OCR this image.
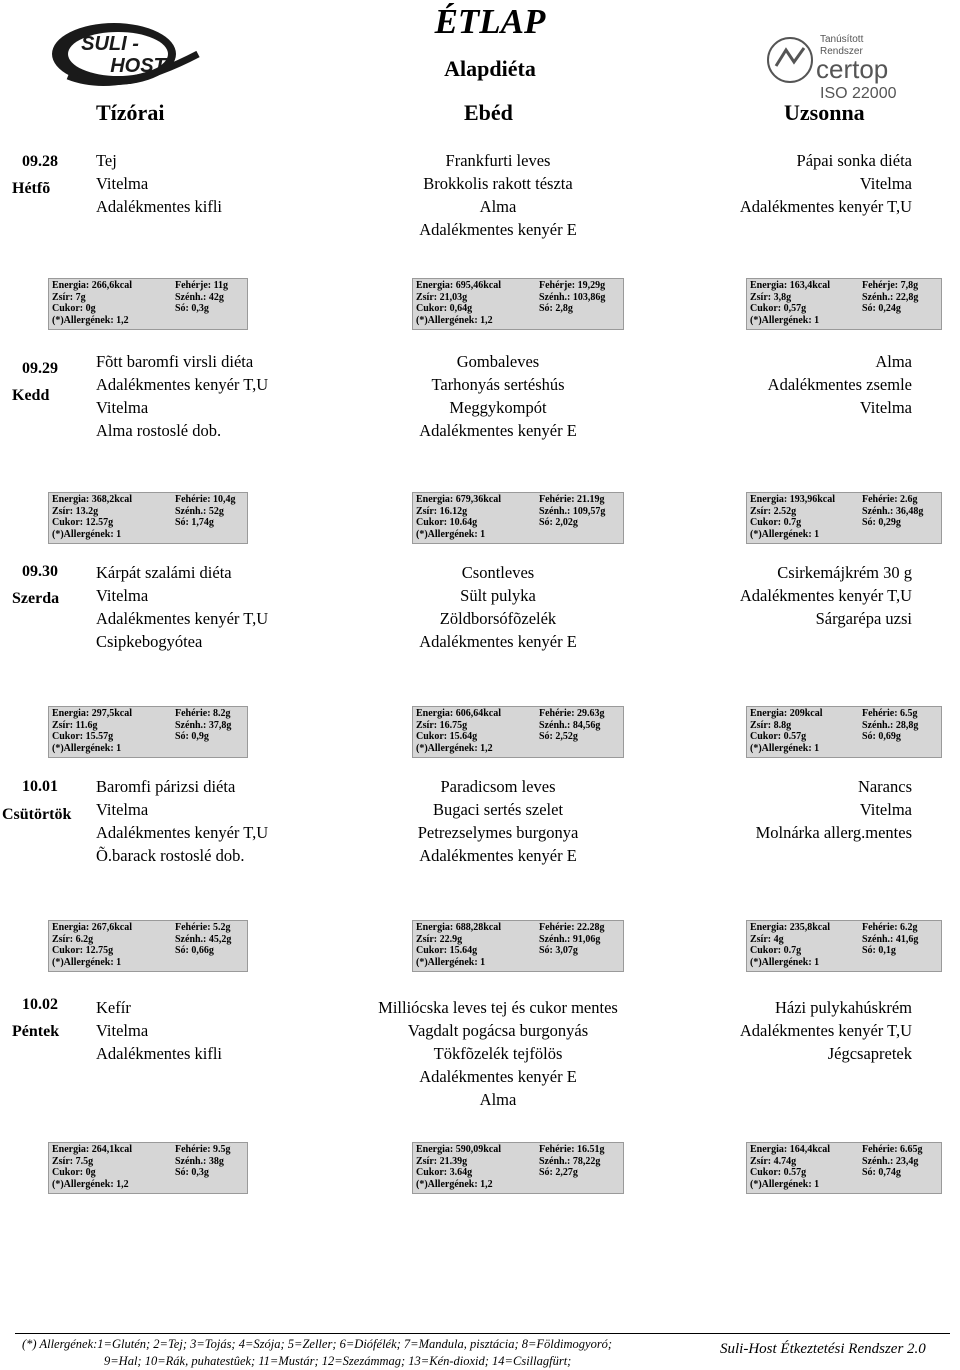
SULI -
HOST
ÉTLAP
Alapdiéta
Tanúsított
Rendszer
certop
ISO 22000
Tízórai	Ebéd	Uzsonna
09.28
Hétfõ
Tej
Vitelma
Adalékmentes kifli
Frankfurti leves
Brokkolis rakott tészta
Alma
Adalékmentes kenyér E
Pápai sonka diéta
Vitelma
Adalékmentes kenyér T,U
Energia: 266,6kcal
Zsír: 7g
Cukor: 0g
(*)Allergének: 1,2
Fehérje: 11g
Szénh.: 42g
Só: 0,3g
Energia: 695,46kcal
Zsír: 21,03g
Cukor: 0,64g
(*)Allergének: 1,2
Fehérje: 19,29g
Szénh.: 103,86g
Só: 2,8g
Energia: 163,4kcal
Zsír: 3,8g
Cukor: 0,57g
(*)Allergének: 1
Fehérje: 7,8g
Szénh.: 22,8g
Só: 0,24g
09.29
Kedd
Fõtt baromfi virsli diéta
Adalékmentes kenyér T,U
Vitelma
Alma rostoslé dob.
Gombaleves
Tarhonyás sertéshús
Meggykompót
Adalékmentes kenyér E
Alma
Adalékmentes zsemle
Vitelma
Energia: 368,2kcal
Zsír: 13.2g
Cukor: 12.57g
(*)Allergének: 1
Fehérie: 10,4g
Szénh.: 52g
Só: 1,74g
Energia: 679,36kcal
Zsír: 16.12g
Cukor: 10.64g
(*)Allergének: 1
Fehérie: 21.19g
Szénh.: 109,57g
Só: 2,02g
Energia: 193,96kcal
Zsír: 2.52g
Cukor: 0.7g
(*)Allergének: 1
Fehérie: 2.6g
Szénh.: 36,48g
Só: 0,29g
09.30
Szerda
Kárpát szalámi diéta
Vitelma
Adalékmentes kenyér T,U
Csipkebogyótea
Csontleves
Sült pulyka
Zöldborsófõzelék
Adalékmentes kenyér E
Csirkemájkrém 30 g
Adalékmentes kenyér T,U
Sárgarépa uzsi
Energia: 297,5kcal
Zsír: 11.6g
Cukor: 15.57g
(*)Allergének: 1
Fehérie: 8.2g
Szénh.: 37,8g
Só: 0,9g
Energia: 606,64kcal
Zsír: 16.75g
Cukor: 15.64g
(*)Allergének: 1,2
Fehérie: 29.63g
Szénh.: 84,56g
Só: 2,52g
Energia: 209kcal
Zsír: 8.8g
Cukor: 0.57g
(*)Allergének: 1
Fehérie: 6.5g
Szénh.: 28,8g
Só: 0,69g
10.01
Csütörtök
Baromfi párizsi diéta
Vitelma
Adalékmentes kenyér T,U
Õ.barack rostoslé dob.
Paradicsom leves
Bugaci sertés szelet
Petrezselymes burgonya
Adalékmentes kenyér E
Narancs
Vitelma
Molnárka allerg.mentes
Energia: 267,6kcal
Zsír: 6.2g
Cukor: 12.75g
(*)Allergének: 1
Fehérie: 5.2g
Szénh.: 45,2g
Só: 0,66g
Energia: 688,28kcal
Zsír: 22.9g
Cukor: 15.64g
(*)Allergének: 1
Fehérie: 22.28g
Szénh.: 91,06g
Só: 3,07g
Energia: 235,8kcal
Zsír: 4g
Cukor: 0.7g
(*)Allergének: 1
Fehérie: 6.2g
Szénh.: 41,6g
Só: 0,1g
10.02
Péntek
Kefír
Vitelma
Adalékmentes kifli
Milliócska leves tej és cukor mentes
Vagdalt pogácsa burgonyás
Tökfõzelék tejfölös
Adalékmentes kenyér E
Alma
Házi pulykahúskrém
Adalékmentes kenyér T,U
Jégcsapretek
Energia: 264,1kcal
Zsír: 7.5g
Cukor: 0g
(*)Allergének: 1,2
Fehérie: 9.5g
Szénh.: 38g
Só: 0,3g
Energia: 590,09kcal
Zsír: 21.39g
Cukor: 3.64g
(*)Allergének: 1,2
Fehérie: 16.51g
Szénh.: 78,22g
Só: 2,27g
Energia: 164,4kcal
Zsír: 4.74g
Cukor: 0.57g
(*)Allergének: 1
Fehérie: 6.65g
Szénh.: 23,4g
Só: 0,74g
(*) Allergének:1=Glutén; 2=Tej; 3=Tojás; 4=Szója; 5=Zeller; 6=Diófélék; 7=Mandula, pisztácia; 8=Földimogyoró;
9=Hal; 10=Rák, puhatestûek; 11=Mustár; 12=Szezámmag; 13=Kén-dioxid; 14=Csillagfürt;
Suli-Host Étkeztetési Rendszer 2.0
